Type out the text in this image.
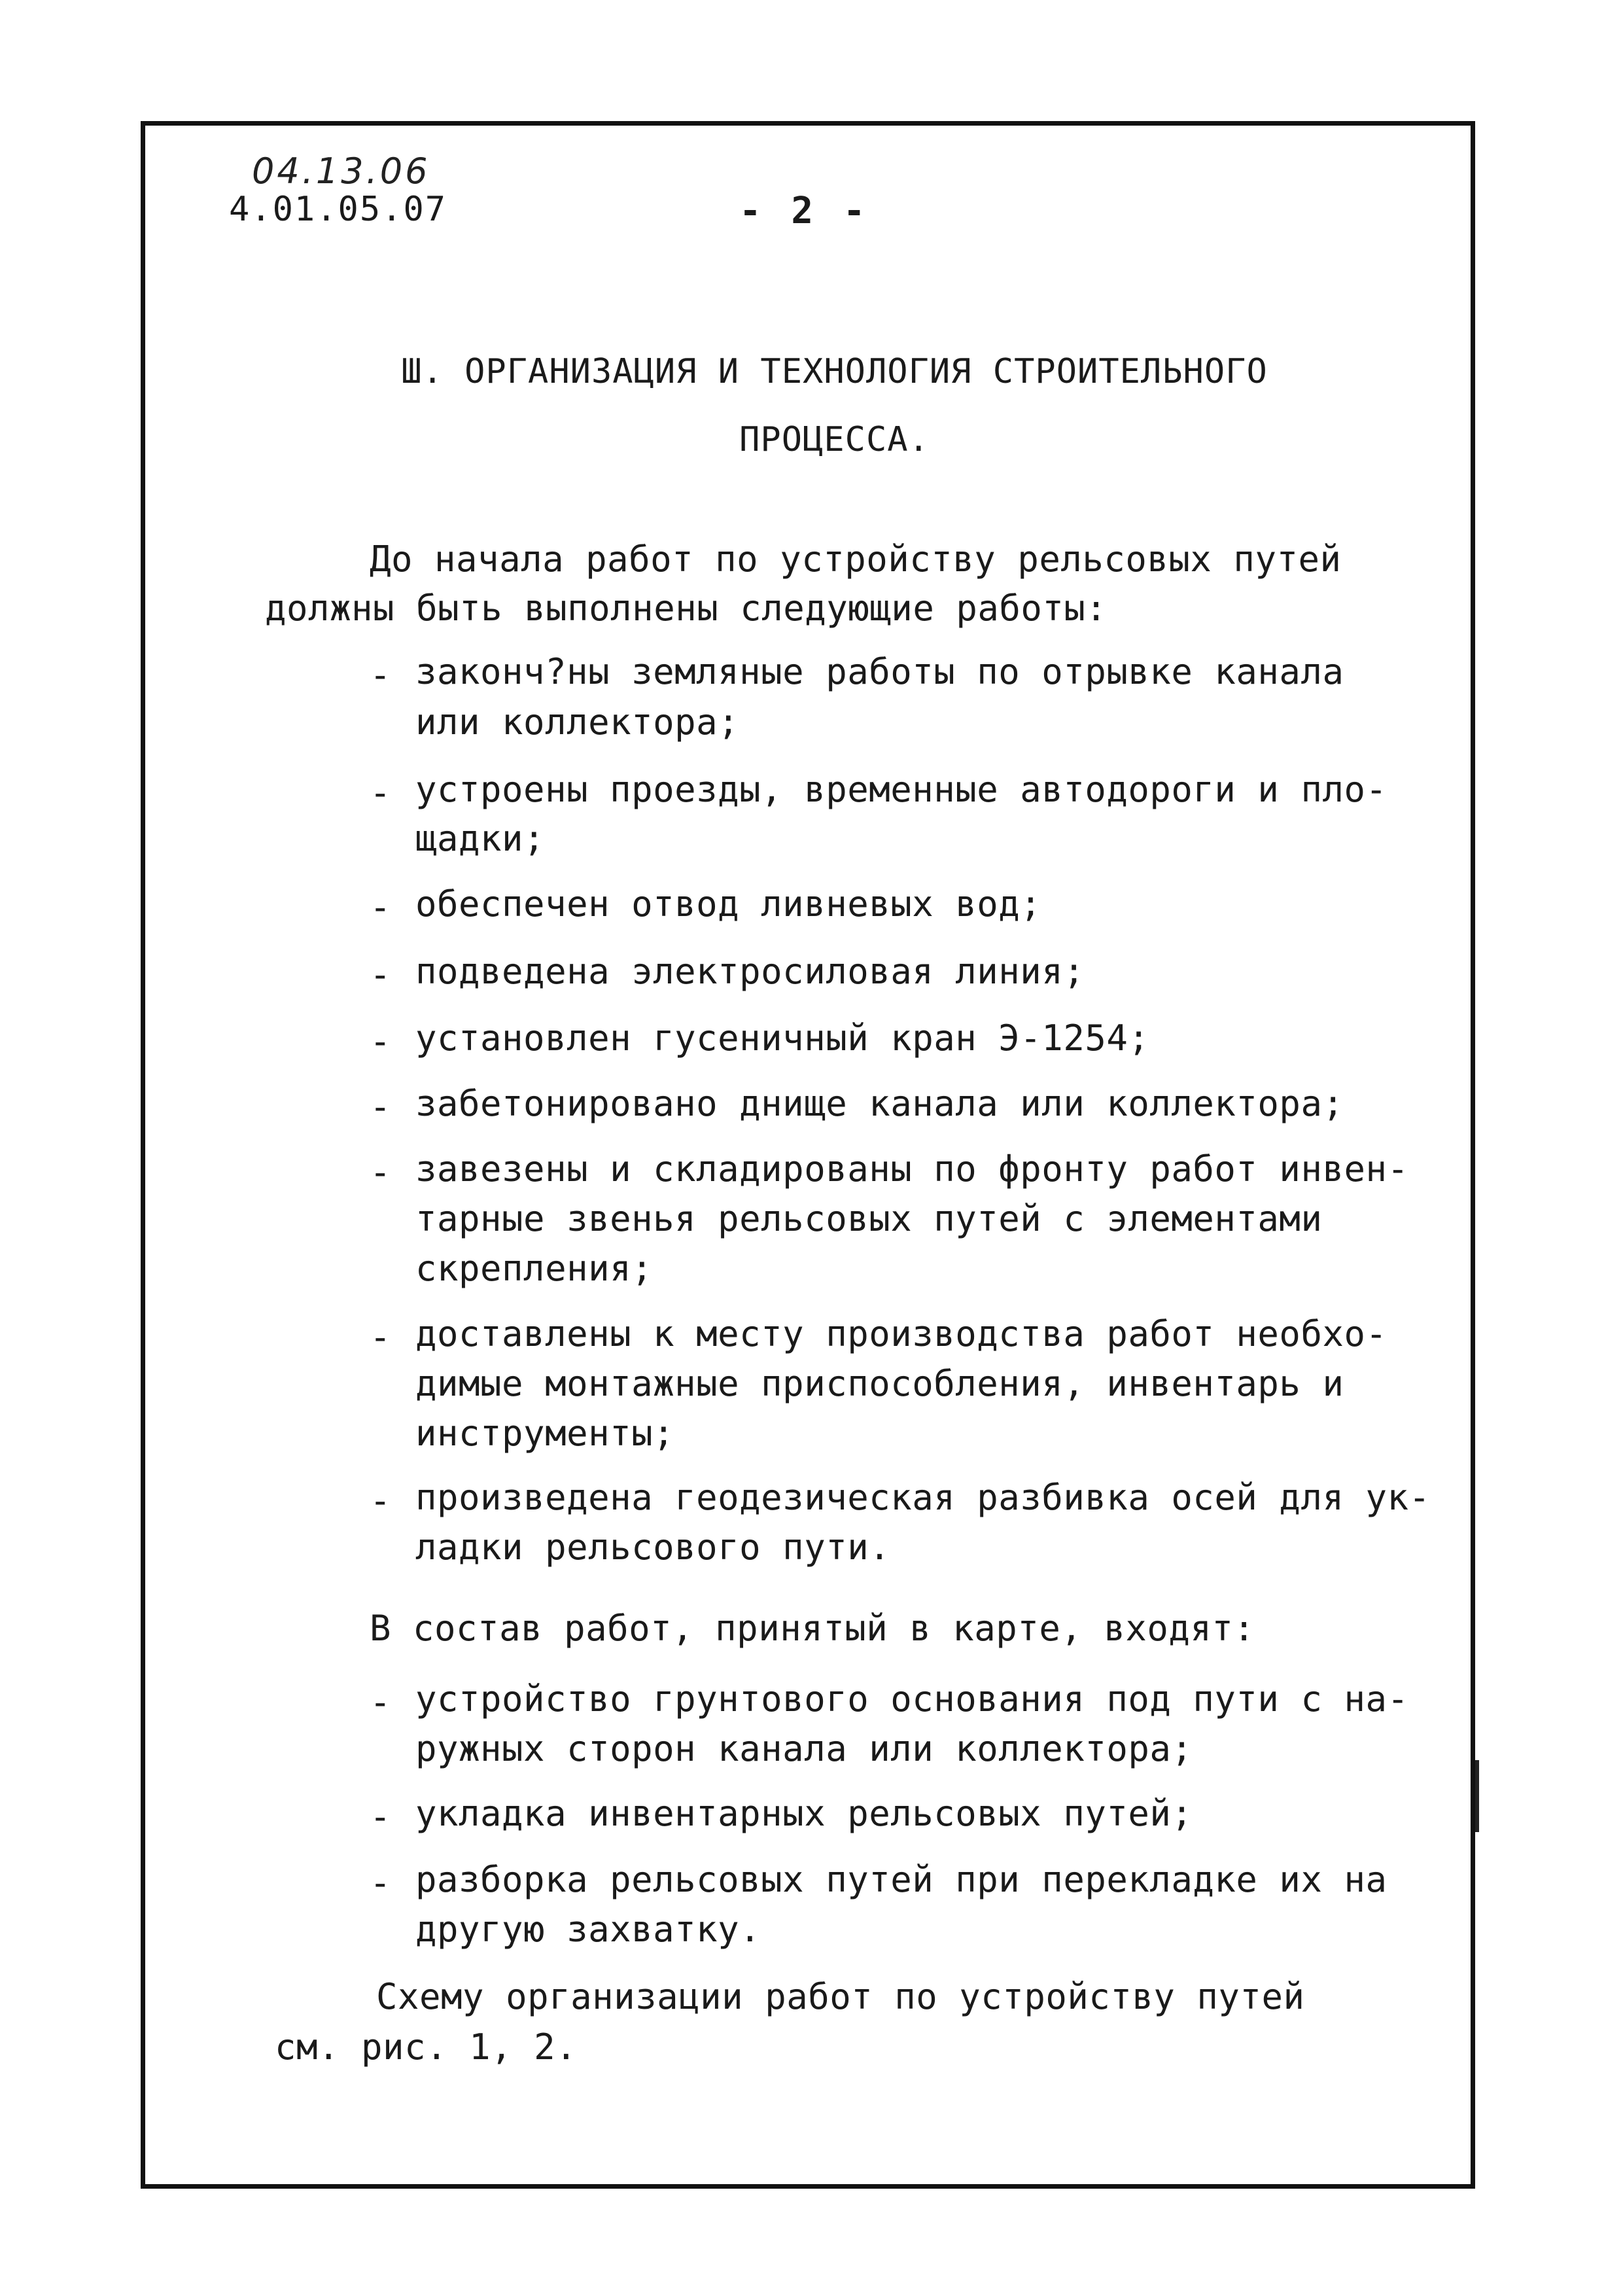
04.13.06
4.01.05.07	- 2 -
Ш. ОРГАНИЗАЦИЯ И ТЕХНОЛОГИЯ СТРОИТЕЛЬНОГО
ПРОЦЕССА.
До начала работ по устройству рельсовых путей
должны быть выполнены следующие работы:
- законч?ны земляные работы по отрывке канала
или коллектора;
- устроены проезды, временные автодороги и пло-
щадки;
- обеспечен отвод ливневых вод;
- подведена электросиловая линия;
- установлен гусеничный кран Э-1254;
- забетонировано днище канала или коллектора;
- завезены и складированы по фронту работ инвен-
тарные звенья рельсовых путей с элементами
скрепления;
- доставлены к месту производства работ необхо-
димые монтажные приспособления, инвентарь и
инструменты;
- произведена геодезическая разбивка осей для ук-
ладки рельсового пути.
В состав работ, принятый в карте, входят:
- устройство грунтового основания под пути с на-
ружных сторон канала или коллектора;
- укладка инвентарных рельсовых путей;
- разборка рельсовых путей при перекладке их на
другую захватку.
Схему организации работ по устройству путей
см. рис. 1, 2.
